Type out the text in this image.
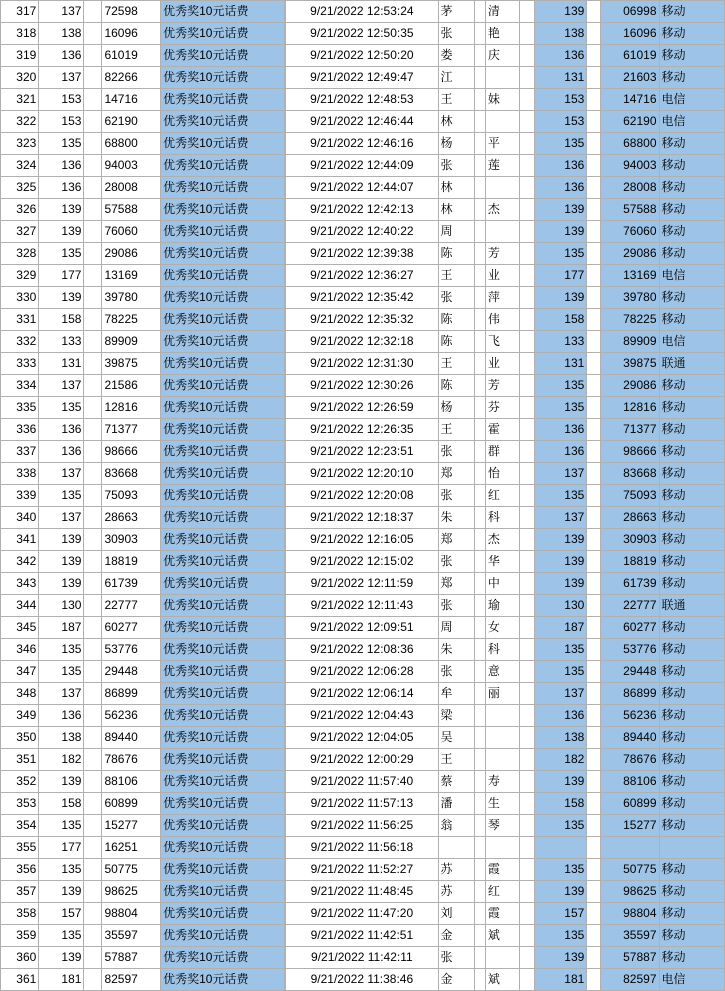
317	137		72598	优秀奖10元话费		9/21/2022 12:53:24	茅		清		139		06998	移动
318	138		16096	优秀奖10元话费		9/21/2022 12:50:35	张		艳		138		16096	移动
319	136		61019	优秀奖10元话费		9/21/2022 12:50:20	娄		庆		136		61019	移动
320	137		82266	优秀奖10元话费		9/21/2022 12:49:47	江				131		21603	移动
321	153		14716	优秀奖10元话费		9/21/2022 12:48:53	王		妹		153		14716	电信
322	153		62190	优秀奖10元话费		9/21/2022 12:46:44	林				153		62190	电信
323	135		68800	优秀奖10元话费		9/21/2022 12:46:16	杨		平		135		68800	移动
324	136		94003	优秀奖10元话费		9/21/2022 12:44:09	张		莲		136		94003	移动
325	136		28008	优秀奖10元话费		9/21/2022 12:44:07	林				136		28008	移动
326	139		57588	优秀奖10元话费		9/21/2022 12:42:13	林		杰		139		57588	移动
327	139		76060	优秀奖10元话费		9/21/2022 12:40:22	周				139		76060	移动
328	135		29086	优秀奖10元话费		9/21/2022 12:39:38	陈		芳		135		29086	移动
329	177		13169	优秀奖10元话费		9/21/2022 12:36:27	王		业		177		13169	电信
330	139		39780	优秀奖10元话费		9/21/2022 12:35:42	张		萍		139		39780	移动
331	158		78225	优秀奖10元话费		9/21/2022 12:35:32	陈		伟		158		78225	移动
332	133		89909	优秀奖10元话费		9/21/2022 12:32:18	陈		飞		133		89909	电信
333	131		39875	优秀奖10元话费		9/21/2022 12:31:30	王		业		131		39875	联通
334	137		21586	优秀奖10元话费		9/21/2022 12:30:26	陈		芳		135		29086	移动
335	135		12816	优秀奖10元话费		9/21/2022 12:26:59	杨		芬		135		12816	移动
336	136		71377	优秀奖10元话费		9/21/2022 12:26:35	王		霍		136		71377	移动
337	136		98666	优秀奖10元话费		9/21/2022 12:23:51	张		群		136		98666	移动
338	137		83668	优秀奖10元话费		9/21/2022 12:20:10	郑		怡		137		83668	移动
339	135		75093	优秀奖10元话费		9/21/2022 12:20:08	张		红		135		75093	移动
340	137		28663	优秀奖10元话费		9/21/2022 12:18:37	朱		科		137		28663	移动
341	139		30903	优秀奖10元话费		9/21/2022 12:16:05	郑		杰		139		30903	移动
342	139		18819	优秀奖10元话费		9/21/2022 12:15:02	张		华		139		18819	移动
343	139		61739	优秀奖10元话费		9/21/2022 12:11:59	郑		中		139		61739	移动
344	130		22777	优秀奖10元话费		9/21/2022 12:11:43	张		瑜		130		22777	联通
345	187		60277	优秀奖10元话费		9/21/2022 12:09:51	周		女		187		60277	移动
346	135		53776	优秀奖10元话费		9/21/2022 12:08:36	朱		科		135		53776	移动
347	135		29448	优秀奖10元话费		9/21/2022 12:06:28	张		意		135		29448	移动
348	137		86899	优秀奖10元话费		9/21/2022 12:06:14	牟		丽		137		86899	移动
349	136		56236	优秀奖10元话费		9/21/2022 12:04:43	梁				136		56236	移动
350	138		89440	优秀奖10元话费		9/21/2022 12:04:05	吴				138		89440	移动
351	182		78676	优秀奖10元话费		9/21/2022 12:00:29	王				182		78676	移动
352	139		88106	优秀奖10元话费		9/21/2022 11:57:40	蔡		寿		139		88106	移动
353	158		60899	优秀奖10元话费		9/21/2022 11:57:13	潘		生		158		60899	移动
354	135		15277	优秀奖10元话费		9/21/2022 11:56:25	翁		琴		135		15277	移动
355	177		16251	优秀奖10元话费		9/21/2022 11:56:18								
356	135		50775	优秀奖10元话费		9/21/2022 11:52:27	苏		霞		135		50775	移动
357	139		98625	优秀奖10元话费		9/21/2022 11:48:45	苏		红		139		98625	移动
358	157		98804	优秀奖10元话费		9/21/2022 11:47:20	刘		霞		157		98804	移动
359	135		35597	优秀奖10元话费		9/21/2022 11:42:51	金		斌		135		35597	移动
360	139		57887	优秀奖10元话费		9/21/2022 11:42:11	张				139		57887	移动
361	181		82597	优秀奖10元话费		9/21/2022 11:38:46	金		斌		181		82597	电信
